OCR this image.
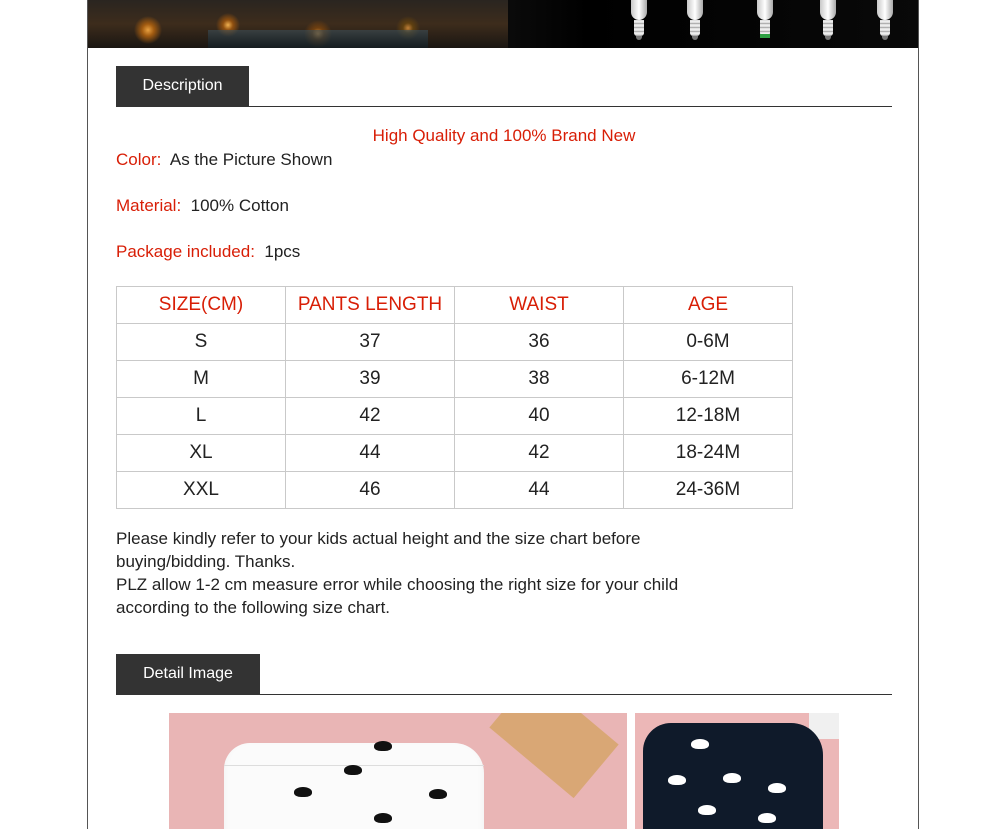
Description
High Quality and 100% Brand New
Color: As the Picture Shown
Material: 100% Cotton
Package included: 1pcs
SIZE(CM)	PANTS LENGTH	WAIST	AGE
S	37	36	0-6M
M	39	38	6-12M
L	42	40	12-18M
XL	44	42	18-24M
XXL	46	44	24-36M

Please kindly refer to your kids actual height and the size chart before buying/bidding. Thanks.

PLZ allow 1-2 cm measure error while choosing the right size for your child according to the following size chart.

Detail Image
